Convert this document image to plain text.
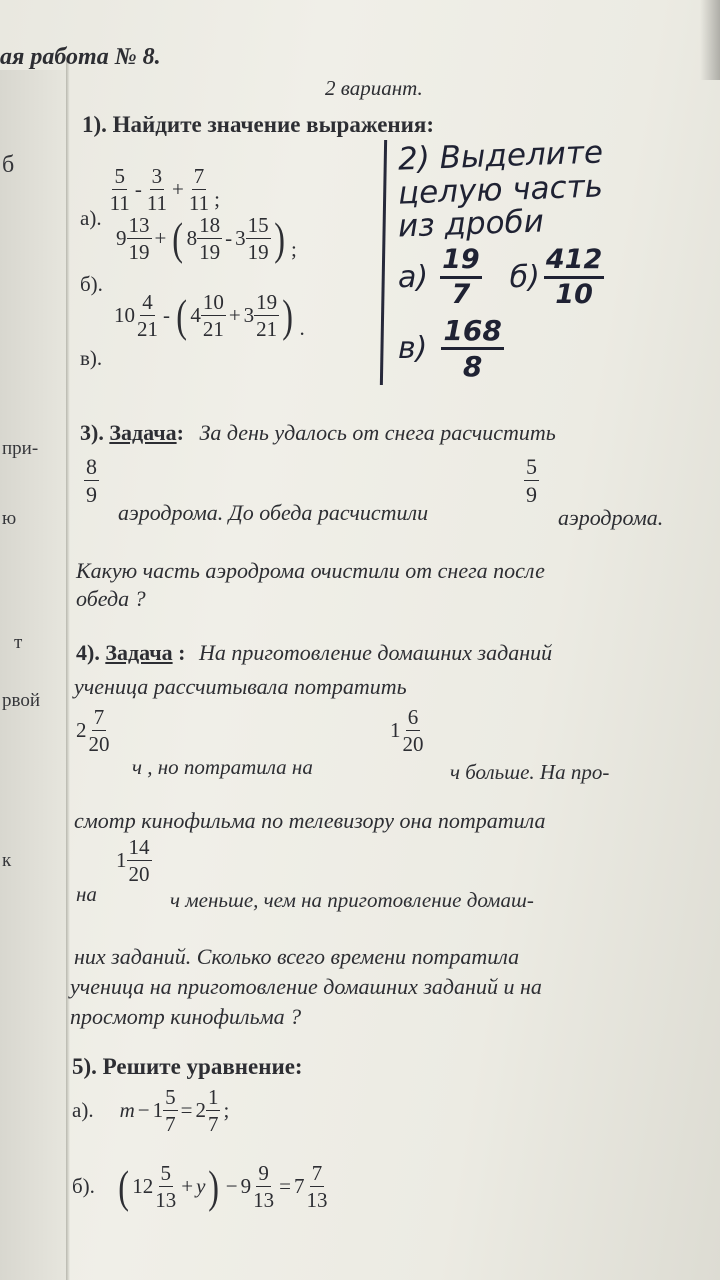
ая работа № 8.
2 вариант.
б
при-
ю
т
рвой
к
1). Найдите значение выражения:
а).
$\frac{5}{11} - \frac{3}{11} + \frac{7}{11}$ ;
б).
$9 \frac{13}{19}$ + ( $8 \frac{18}{19} - 3 \frac{15}{19}$ ) ;
в).
$10 \frac{4}{21}$ - ( $4 \frac{10}{21} + 3 \frac{19}{21}$ ) .
2) Выделите
целую часть
из дроби
$а) \frac{19}{7} б) \frac{412}{10}$
$в) \frac{168}{8}$
3). Задача: За день удалось от снега расчистить
$\frac{8}{9}$
аэродрома. До обеда расчистили
$\frac{5}{9}$
аэродрома.
Какую часть аэродрома очистили от снега после
обеда ?
4). Задача : На приготовление домашних заданий
ученица рассчитывала потратить
$2 \frac{7}{20}$
ч , но потратила на
$1 \frac{6}{20}$
ч больше. На про-
смотр кинофильма по телевизору она потратила
на
$1 \frac{14}{20}$
ч меньше, чем на приготовление домаш-
них заданий. Сколько всего времени потратила
ученица на приготовление домашних заданий и на
просмотр кинофильма ?
5). Решите уравнение:
а). $m - 1 \frac{5}{7} = 2 \frac{1}{7}$ ;
б). ( $12 \frac{5}{13} + y$ ) − $9 \frac{9}{13} = 7 \frac{7}{13}$
